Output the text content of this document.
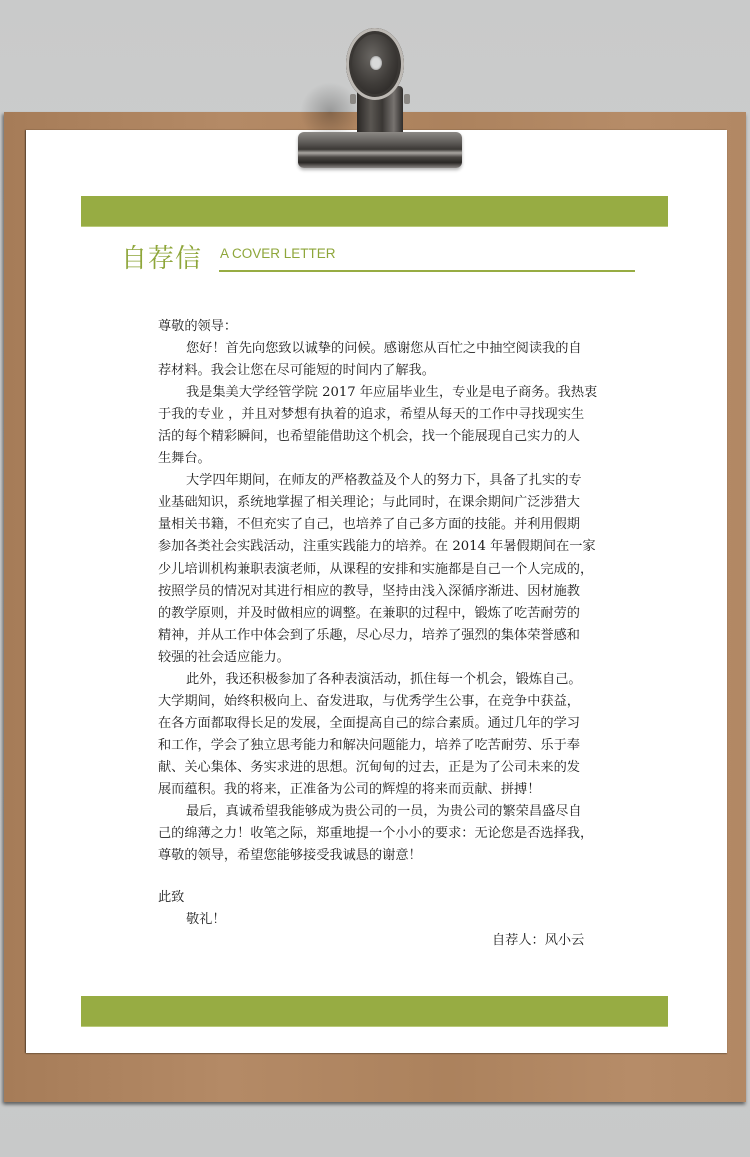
自荐信 A COVER LETTER
尊敬的领导：
您好！首先向您致以诚挚的问候。感谢您从百忙之中抽空阅读我的自
荐材料。我会让您在尽可能短的时间内了解我。
我是集美大学经管学院 2017 年应届毕业生，专业是电子商务。我热衷
于我的专业 ，并且对梦想有执着的追求，希望从每天的工作中寻找现实生
活的每个精彩瞬间，也希望能借助这个机会，找一个能展现自己实力的人
生舞台。
大学四年期间，在师友的严格教益及个人的努力下，具备了扎实的专
业基础知识，系统地掌握了相关理论；与此同时，在课余期间广泛涉猎大
量相关书籍，不但充实了自己，也培养了自己多方面的技能。并利用假期
参加各类社会实践活动，注重实践能力的培养。在 2014 年暑假期间在一家
少儿培训机构兼职表演老师，从课程的安排和实施都是自己一个人完成的，
按照学员的情况对其进行相应的教导，坚持由浅入深循序渐进、因材施教
的教学原则，并及时做相应的调整。在兼职的过程中，锻炼了吃苦耐劳的
精神，并从工作中体会到了乐趣，尽心尽力，培养了强烈的集体荣誉感和
较强的社会适应能力。
此外，我还积极参加了各种表演活动，抓住每一个机会，锻炼自己。
大学期间，始终积极向上、奋发进取，与优秀学生公事，在竞争中获益，
在各方面都取得长足的发展，全面提高自己的综合素质。通过几年的学习
和工作，学会了独立思考能力和解决问题能力，培养了吃苦耐劳、乐于奉
献、关心集体、务实求进的思想。沉甸甸的过去，正是为了公司未来的发
展而蕴积。我的将来，正准备为公司的辉煌的将来而贡献、拼搏！
最后，真诚希望我能够成为贵公司的一员，为贵公司的繁荣昌盛尽自
己的绵薄之力！收笔之际，郑重地提一个小小的要求：无论您是否选择我，
尊敬的领导，希望您能够接受我诚恳的谢意！
此致
敬礼！
自荐人：风小云
